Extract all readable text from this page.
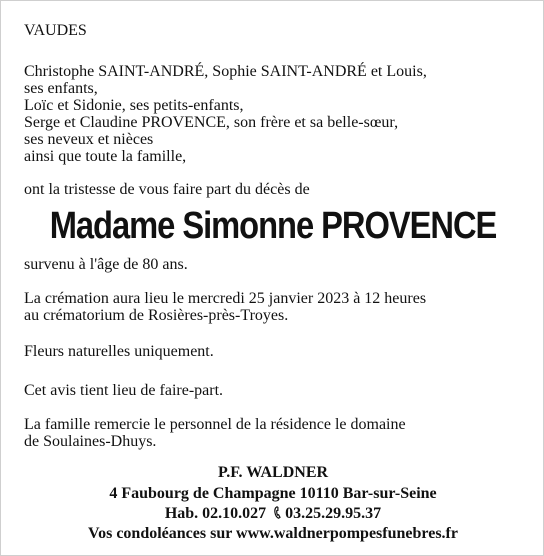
VAUDES
Christophe SAINT-ANDRÉ, Sophie SAINT-ANDRÉ et Louis,
ses enfants,
Loïc et Sidonie, ses petits-enfants,
Serge et Claudine PROVENCE, son frère et sa belle-sœur,
ses neveux et nièces
ainsi que toute la famille,
ont la tristesse de vous faire part du décès de
Madame Simonne PROVENCE
survenu à l'âge de 80 ans.
La crémation aura lieu le mercredi 25 janvier 2023 à 12 heures
au crématorium de Rosières-près-Troyes.
Fleurs naturelles uniquement.
Cet avis tient lieu de faire-part.
La famille remercie le personnel de la résidence le domaine
de Soulaines-Dhuys.
P.F. WALDNER
4 Faubourg de Champagne 10110 Bar-sur-Seine
Hab. 02.10.027 03.25.29.95.37
Vos condoléances sur www.waldnerpompesfunebres.fr
